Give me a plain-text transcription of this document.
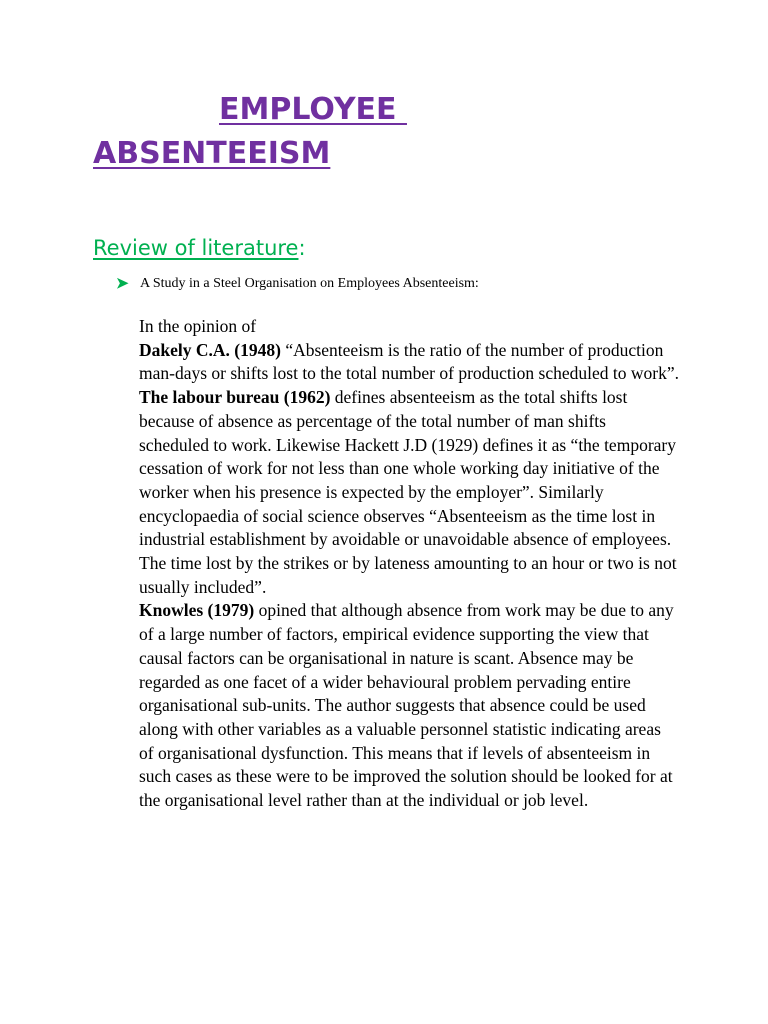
EMPLOYEE
ABSENTEEISM
Review of literature:
➤ A Study in a Steel Organisation on Employees Absenteeism:

In the opinion of

Dakely C.A. (1948) “Absenteeism is the ratio of the number of production man-days or shifts lost to the total number of production scheduled to work”.

The labour bureau (1962) defines absenteeism as the total shifts lost because of absence as percentage of the total number of man shifts scheduled to work. Likewise Hackett J.D (1929) defines it as “the temporary cessation of work for not less than one whole working day initiative of the worker when his presence is expected by the employer”. Similarly encyclopaedia of social science observes “Absenteeism as the time lost in industrial establishment by avoidable or unavoidable absence of employees. The time lost by the strikes or by lateness amounting to an hour or two is not usually included”.

Knowles (1979) opined that although absence from work may be due to any of a large number of factors, empirical evidence supporting the view that causal factors can be organisational in nature is scant. Absence may be regarded as one facet of a wider behavioural problem pervading entire organisational sub-units. The author suggests that absence could be used along with other variables as a valuable personnel statistic indicating areas of organisational dysfunction. This means that if levels of absenteeism in such cases as these were to be improved the solution should be looked for at the organisational level rather than at the individual or job level.
